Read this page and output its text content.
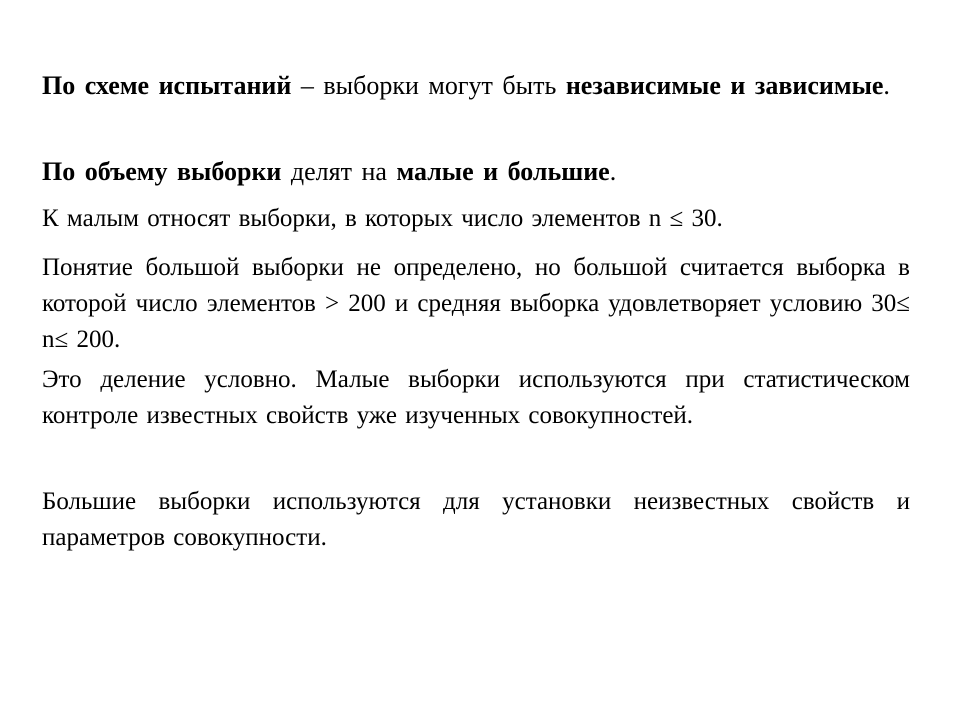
По схеме испытаний – выборки могут быть независимые и зависимые.

По объему выборки делят на малые и большие.

К малым относят выборки, в которых число элементов n ≤ 30.

Понятие большой выборки не определено, но большой считается выборка в которой число элементов > 200 и средняя выборка удовлетворяет условию 30≤ n≤ 200.

Это деление условно. Малые выборки используются при статистическом контроле известных свойств уже изученных совокупностей.

Большие выборки используются для установки неизвестных свойств и параметров совокупности.
